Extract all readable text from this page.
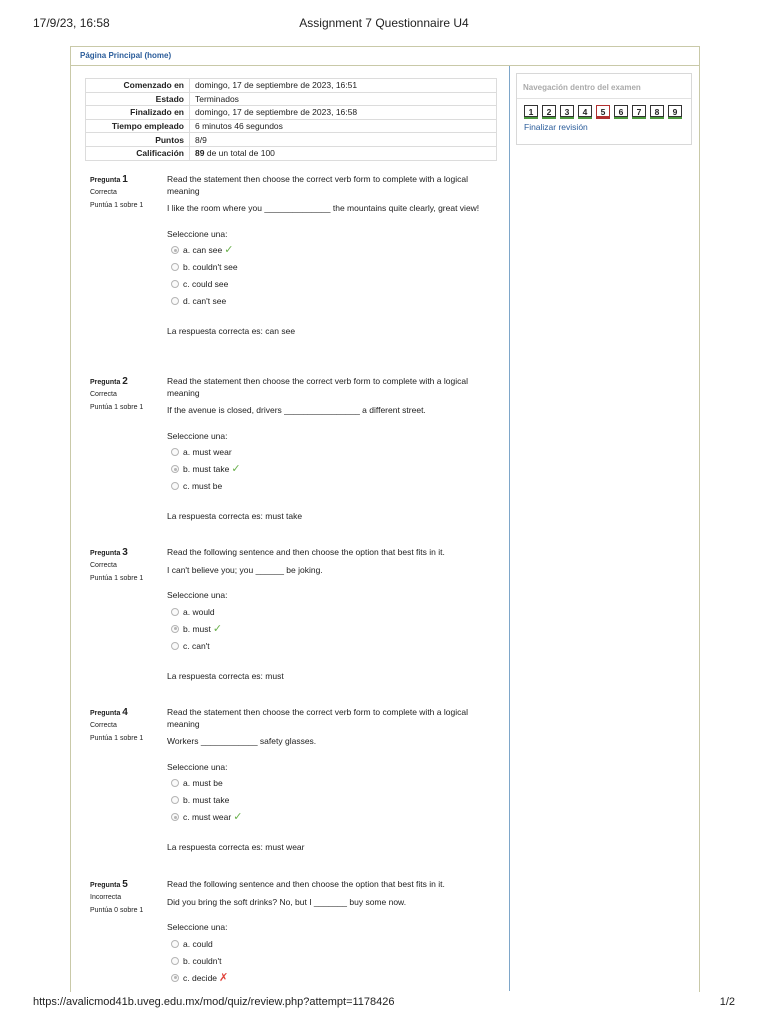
17/9/23, 16:58	Assignment 7 Questionnaire U4
Página Principal (home)
Comenzado en	domingo, 17 de septiembre de 2023, 16:51
Estado	Terminados
Finalizado en	domingo, 17 de septiembre de 2023, 16:58
Tiempo empleado	6 minutos 46 segundos
Puntos	8/9
Calificación	89 de un total de 100
Navegación dentro del examen
1	2	3	4	5	6	7	8	9
Finalizar revisión
Pregunta 1
Correcta
Puntúa 1 sobre 1

Read the statement then choose the correct verb form to complete with a logical meaning

I like the room where you ______________ the mountains quite clearly, great view!

Seleccione una:

a. can see ✓
b. couldn't see
c. could see
d. can't see

La respuesta correcta es: can see

Pregunta 2
Correcta
Puntúa 1 sobre 1

Read the statement then choose the correct verb form to complete with a logical meaning

If the avenue is closed, drivers ________________ a different street.

Seleccione una:

a. must wear
b. must take ✓
c. must be

La respuesta correcta es: must take

Pregunta 3
Correcta
Puntúa 1 sobre 1

Read the following sentence and then choose the option that best fits in it.

I can't believe you; you ______ be joking.

Seleccione una:

a. would
b. must ✓
c. can't

La respuesta correcta es: must

Pregunta 4
Correcta
Puntúa 1 sobre 1

Read the statement then choose the correct verb form to complete with a logical meaning

Workers ____________ safety glasses.

Seleccione una:

a. must be
b. must take
c. must wear ✓

La respuesta correcta es: must wear

Pregunta 5
Incorrecta
Puntúa 0 sobre 1

Read the following sentence and then choose the option that best fits in it.

Did you bring the soft drinks? No, but I _______ buy some now.

Seleccione una:

a. could
b. couldn't
c. decide ✗
https://avalicmod41b.uveg.edu.mx/mod/quiz/review.php?attempt=1178426	1/2
